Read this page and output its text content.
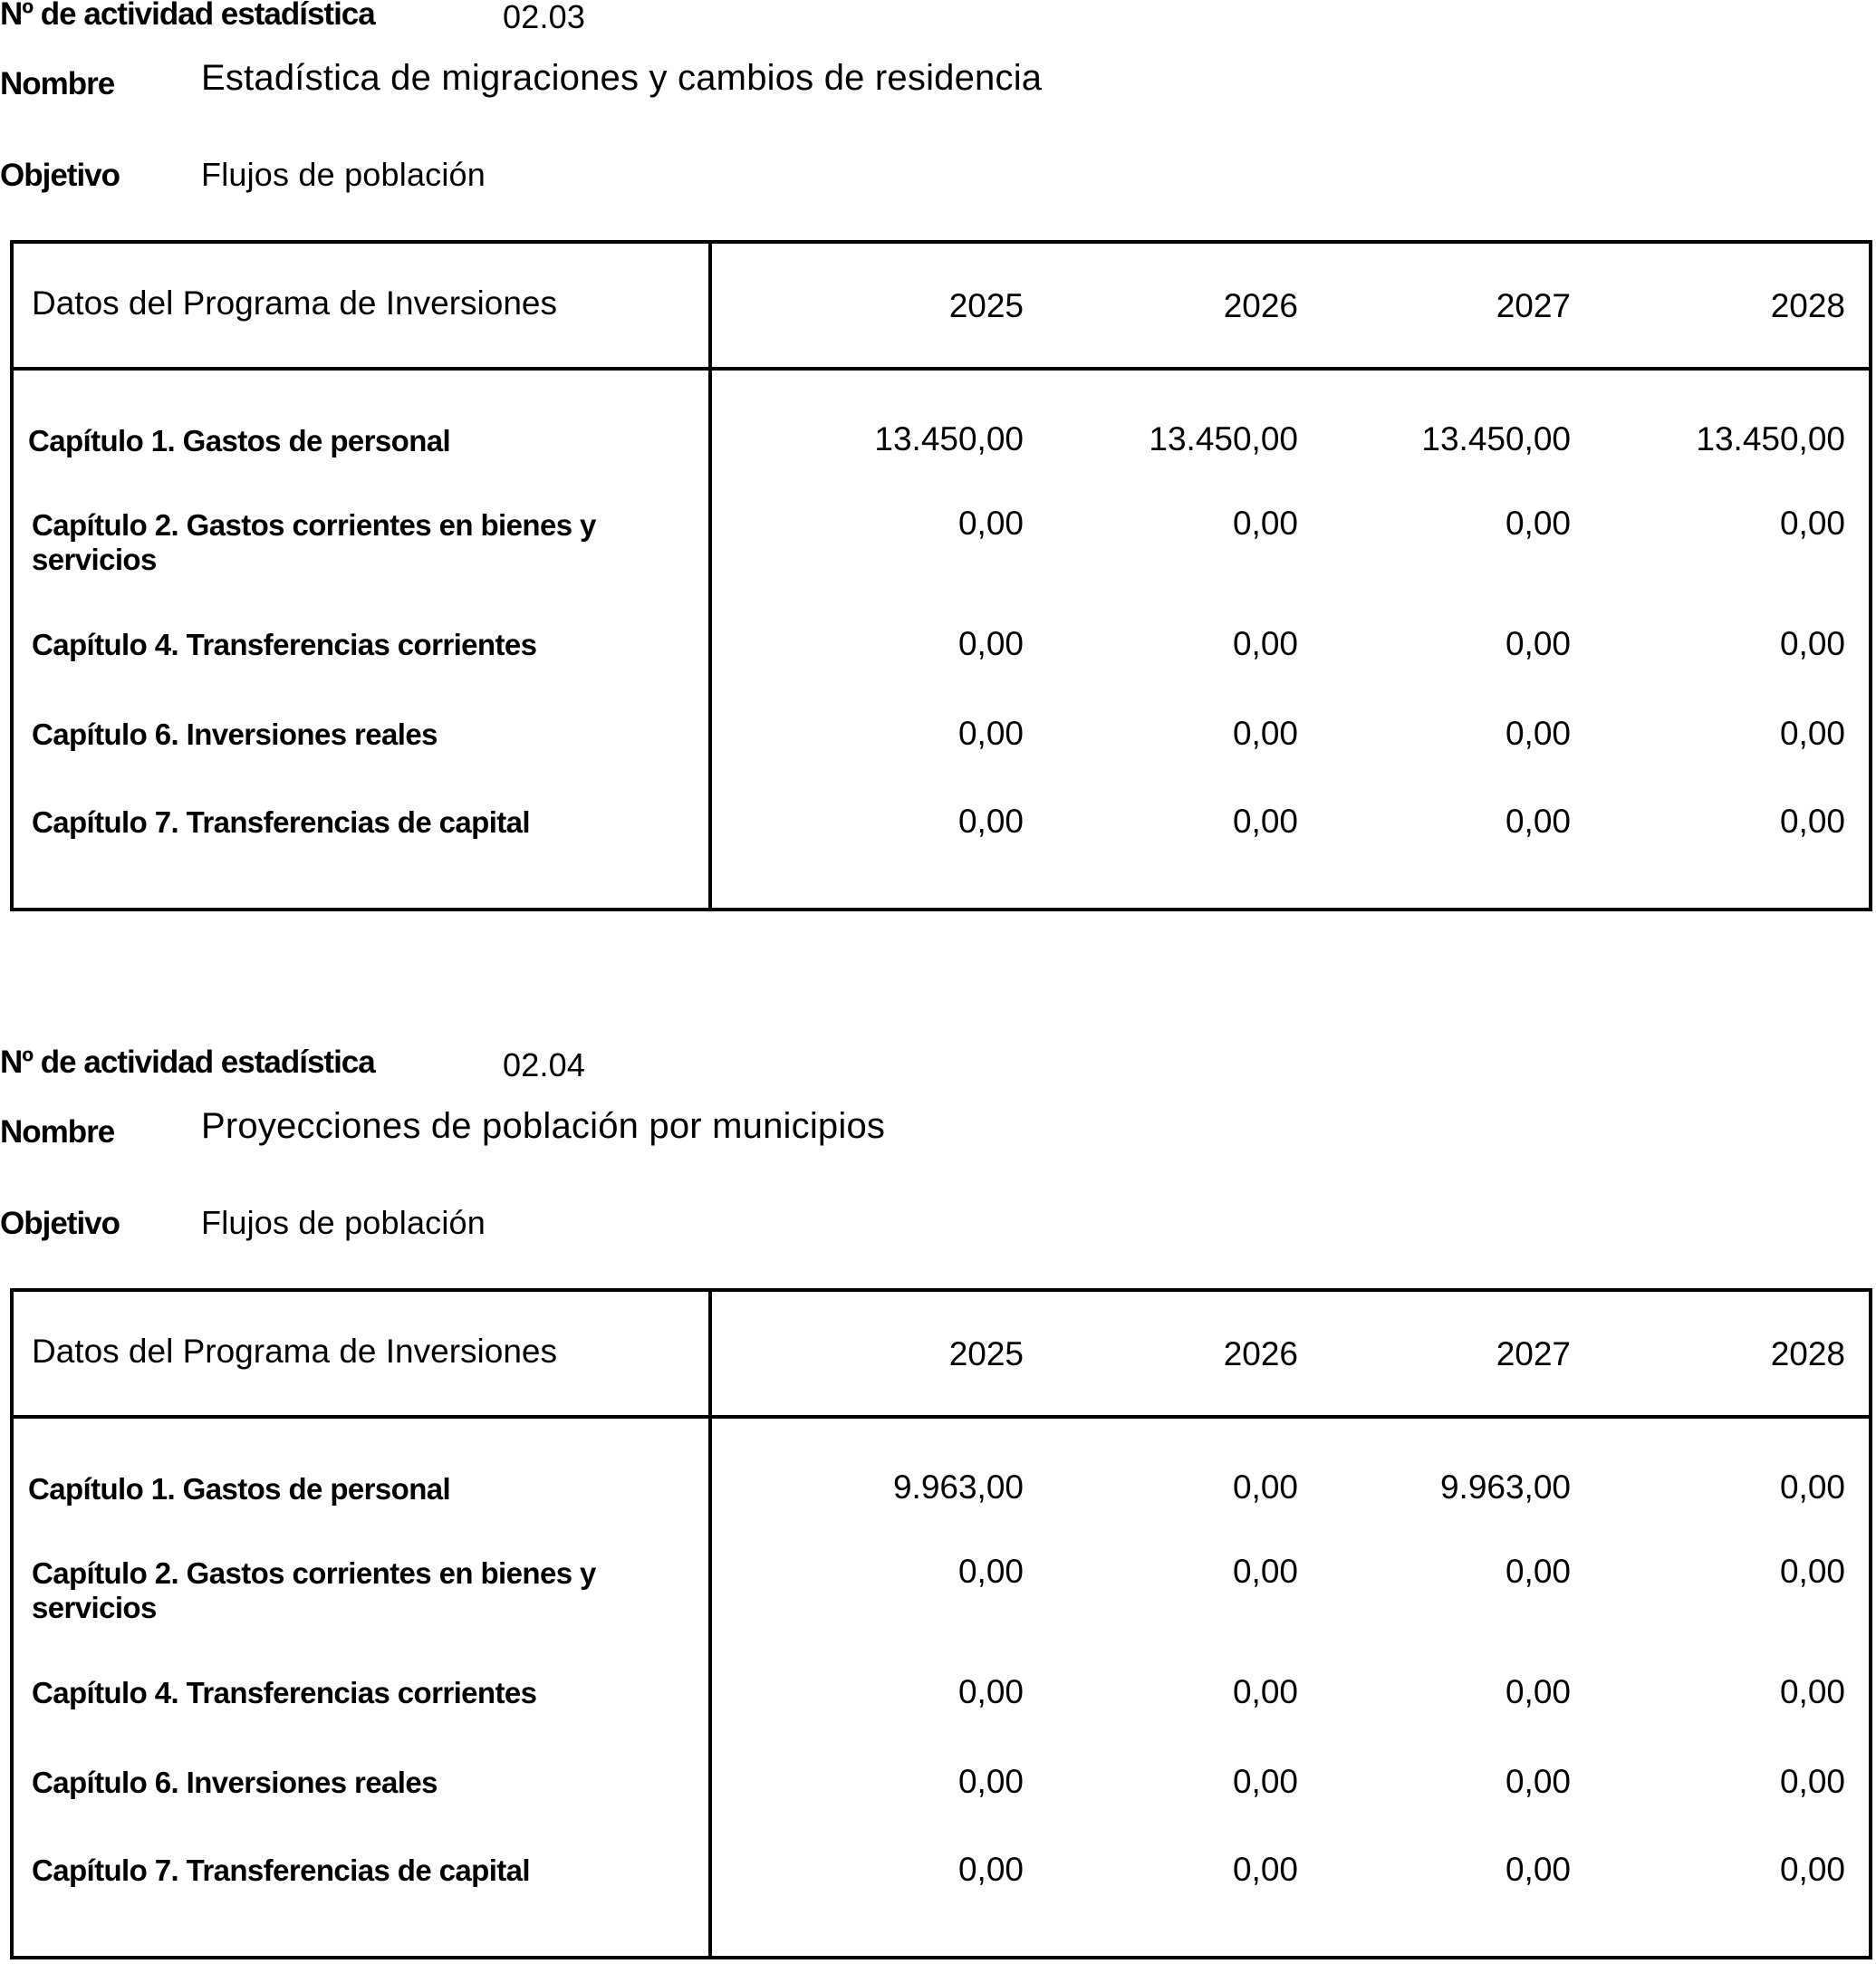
Nº de actividad estadística	02.03
Nombre Estadística de migraciones y cambios de residencia
Objetivo Flujos de población
Datos del Programa de Inversiones	2025	2026	2027	2028
Capítulo 1. Gastos de personal	13.450,00	13.450,00	13.450,00	13.450,00
Capítulo 2. Gastos corrientes en bienes y
servicios
0,00	0,00	0,00	0,00
Capítulo 4. Transferencias corrientes	0,00	0,00	0,00	0,00
Capítulo 6. Inversiones reales	0,00	0,00	0,00	0,00
Capítulo 7. Transferencias de capital	0,00	0,00	0,00	0,00
Nº de actividad estadística	02.04
Nombre Proyecciones de población por municipios
Objetivo Flujos de población
Datos del Programa de Inversiones	2025	2026	2027	2028
Capítulo 1. Gastos de personal	9.963,00	0,00	9.963,00	0,00
Capítulo 2. Gastos corrientes en bienes y
servicios
0,00	0,00	0,00	0,00
Capítulo 4. Transferencias corrientes	0,00	0,00	0,00	0,00
Capítulo 6. Inversiones reales	0,00	0,00	0,00	0,00
Capítulo 7. Transferencias de capital	0,00	0,00	0,00	0,00
